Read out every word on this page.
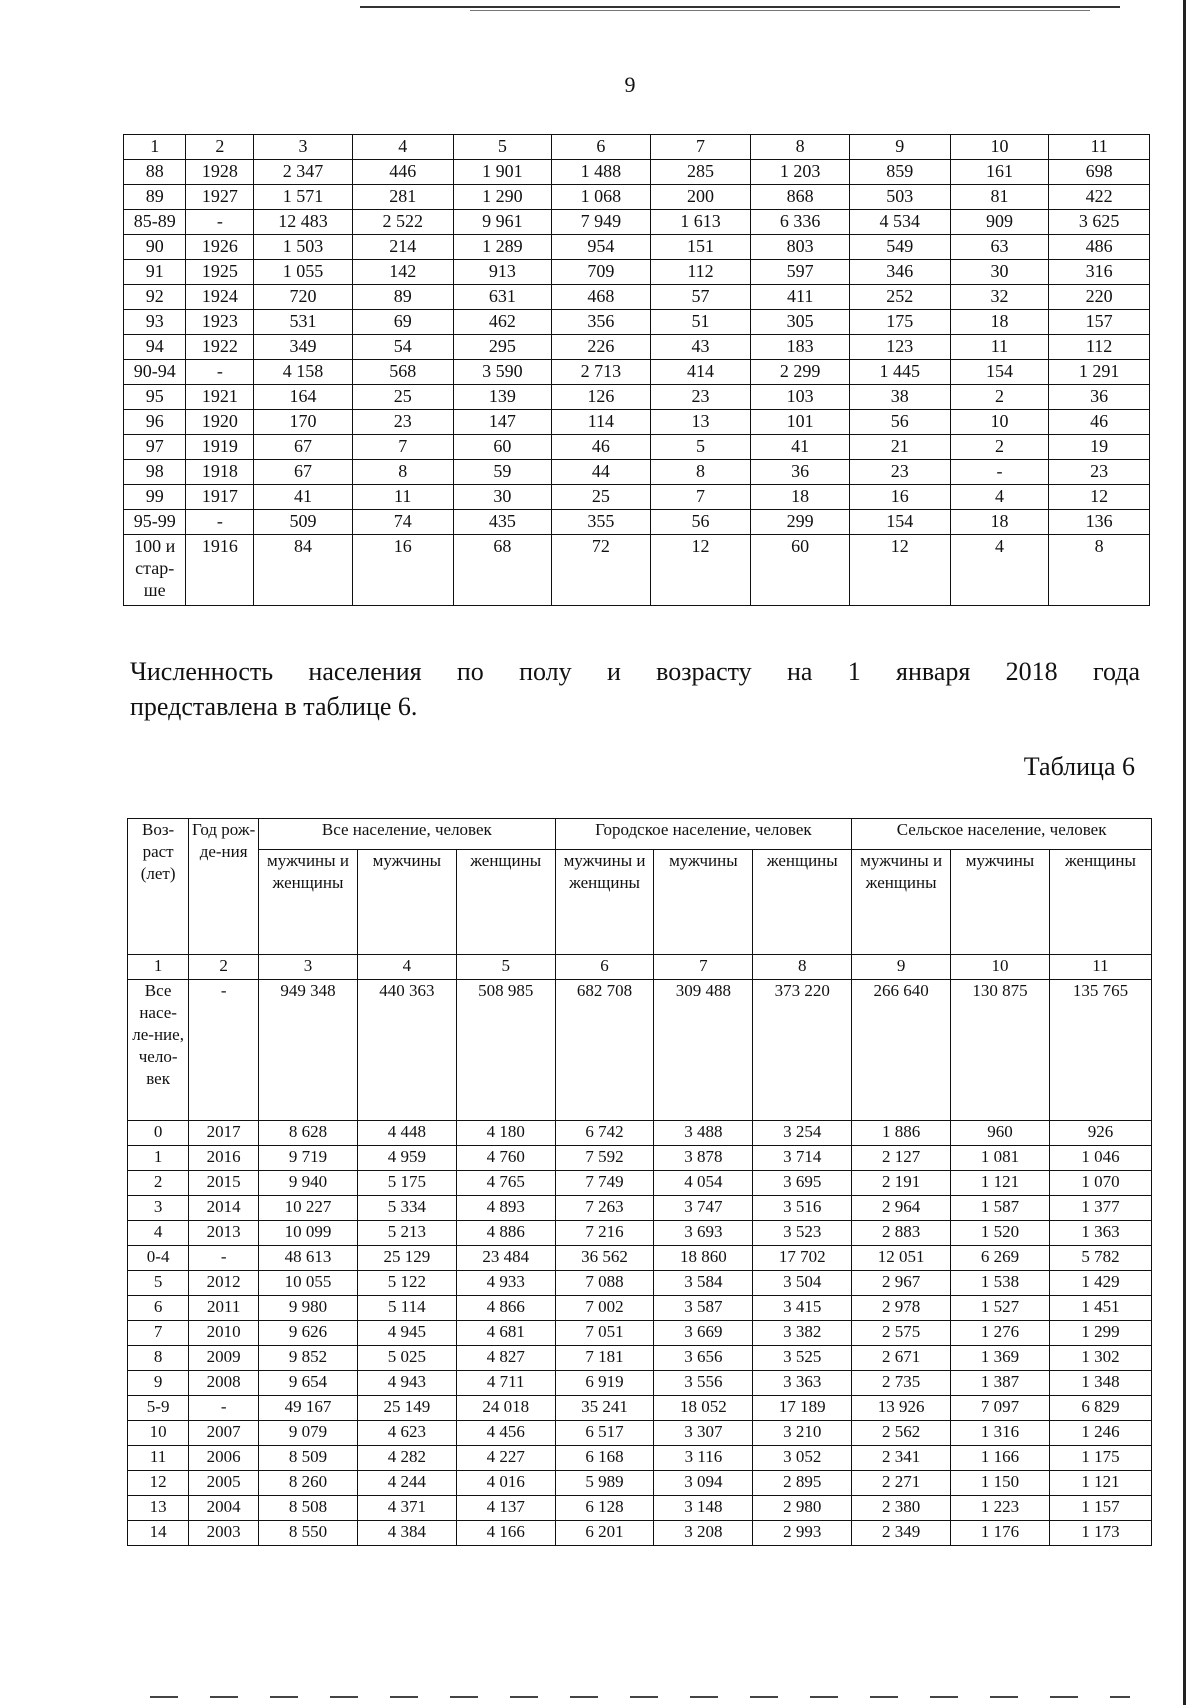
9
1	2	3	4	5	6	7	8	9	10	11
88	1928	2 347	446	1 901	1 488	285	1 203	859	161	698
89	1927	1 571	281	1 290	1 068	200	868	503	81	422
85-89	-	12 483	2 522	9 961	7 949	1 613	6 336	4 534	909	3 625
90	1926	1 503	214	1 289	954	151	803	549	63	486
91	1925	1 055	142	913	709	112	597	346	30	316
92	1924	720	89	631	468	57	411	252	32	220
93	1923	531	69	462	356	51	305	175	18	157
94	1922	349	54	295	226	43	183	123	11	112
90-94	-	4 158	568	3 590	2 713	414	2 299	1 445	154	1 291
95	1921	164	25	139	126	23	103	38	2	36
96	1920	170	23	147	114	13	101	56	10	46
97	1919	67	7	60	46	5	41	21	2	19
98	1918	67	8	59	44	8	36	23	-	23
99	1917	41	11	30	25	7	18	16	4	12
95-99	-	509	74	435	355	56	299	154	18	136
100 и стар-ше	1916	84	16	68	72	12	60	12	4	8
Численность населения по полу и возрасту на 1 января 2018 года
представлена в таблице 6.
Таблица 6
Воз-раст (лет)	Год рож-де-ния	Все население, человек			Городское население, человек			Сельское население, человек		
		мужчины и женщины	мужчины	женщины	мужчины и женщины	мужчины	женщины	мужчины и женщины	мужчины	женщины
1	2	3	4	5	6	7	8	9	10	11
Все насе-ле-ние, чело-век	-	949 348	440 363	508 985	682 708	309 488	373 220	266 640	130 875	135 765
0	2017	8 628	4 448	4 180	6 742	3 488	3 254	1 886	960	926
1	2016	9 719	4 959	4 760	7 592	3 878	3 714	2 127	1 081	1 046
2	2015	9 940	5 175	4 765	7 749	4 054	3 695	2 191	1 121	1 070
3	2014	10 227	5 334	4 893	7 263	3 747	3 516	2 964	1 587	1 377
4	2013	10 099	5 213	4 886	7 216	3 693	3 523	2 883	1 520	1 363
0-4	-	48 613	25 129	23 484	36 562	18 860	17 702	12 051	6 269	5 782
5	2012	10 055	5 122	4 933	7 088	3 584	3 504	2 967	1 538	1 429
6	2011	9 980	5 114	4 866	7 002	3 587	3 415	2 978	1 527	1 451
7	2010	9 626	4 945	4 681	7 051	3 669	3 382	2 575	1 276	1 299
8	2009	9 852	5 025	4 827	7 181	3 656	3 525	2 671	1 369	1 302
9	2008	9 654	4 943	4 711	6 919	3 556	3 363	2 735	1 387	1 348
5-9	-	49 167	25 149	24 018	35 241	18 052	17 189	13 926	7 097	6 829
10	2007	9 079	4 623	4 456	6 517	3 307	3 210	2 562	1 316	1 246
11	2006	8 509	4 282	4 227	6 168	3 116	3 052	2 341	1 166	1 175
12	2005	8 260	4 244	4 016	5 989	3 094	2 895	2 271	1 150	1 121
13	2004	8 508	4 371	4 137	6 128	3 148	2 980	2 380	1 223	1 157
14	2003	8 550	4 384	4 166	6 201	3 208	2 993	2 349	1 176	1 173
